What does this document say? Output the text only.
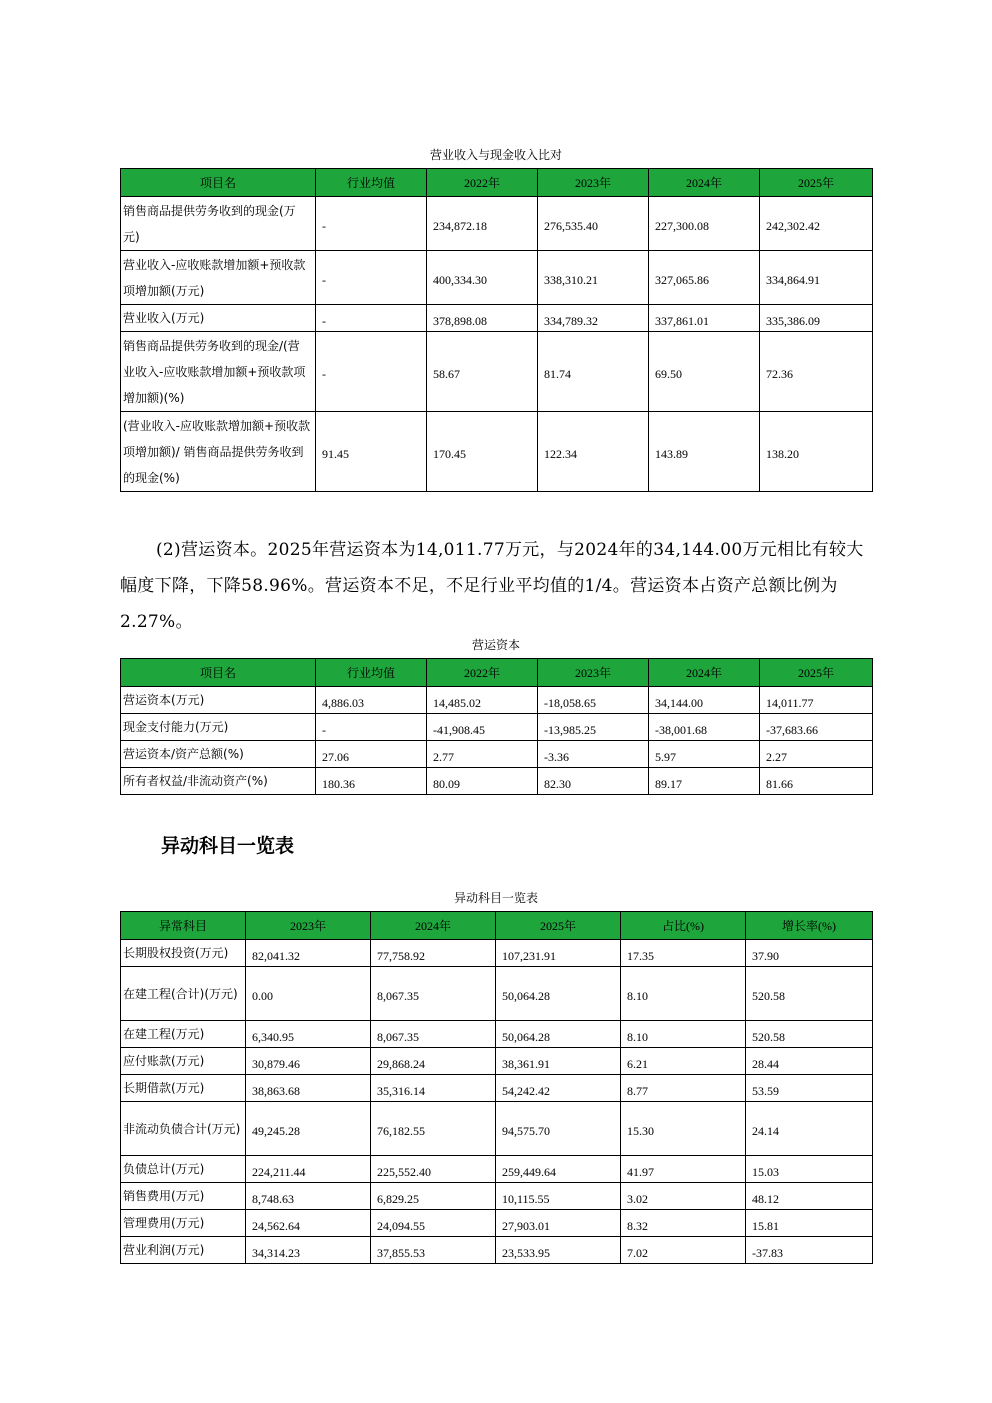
营业收入与现金收入比对
项目名	行业均值	2022年	2023年	2024年	2025年
销售商品提供劳务收到的现金(万元)	-	234,872.18	276,535.40	227,300.08	242,302.42
营业收入-应收账款增加额+预收款项增加额(万元)	-	400,334.30	338,310.21	327,065.86	334,864.91
营业收入(万元)	-	378,898.08	334,789.32	337,861.01	335,386.09
销售商品提供劳务收到的现金/(营业收入-应收账款增加额+预收款项增加额)(%)	-	58.67	81.74	69.50	72.36
(营业收入-应收账款增加额+预收款项增加额)/ 销售商品提供劳务收到的现金(%)	91.45	170.45	122.34	143.89	138.20
(2)营运资本。2025年营运资本为14,011.77万元，与2024年的34,144.00万元相比有较大幅度下降，下降58.96%。营运资本不足，不足行业平均值的1/4。营运资本占资产总额比例为2.27%。
营运资本
项目名	行业均值	2022年	2023年	2024年	2025年
营运资本(万元)	4,886.03	14,485.02	-18,058.65	34,144.00	14,011.77
现金支付能力(万元)	-	-41,908.45	-13,985.25	-38,001.68	-37,683.66
营运资本/资产总额(%)	27.06	2.77	-3.36	5.97	2.27
所有者权益/非流动资产(%)	180.36	80.09	82.30	89.17	81.66
异动科目一览表
异动科目一览表
异常科目	2023年	2024年	2025年	占比(%)	增长率(%)
长期股权投资(万元)	82,041.32	77,758.92	107,231.91	17.35	37.90
在建工程(合计)(万元)	0.00	8,067.35	50,064.28	8.10	520.58
在建工程(万元)	6,340.95	8,067.35	50,064.28	8.10	520.58
应付账款(万元)	30,879.46	29,868.24	38,361.91	6.21	28.44
长期借款(万元)	38,863.68	35,316.14	54,242.42	8.77	53.59
非流动负债合计(万元)	49,245.28	76,182.55	94,575.70	15.30	24.14
负债总计(万元)	224,211.44	225,552.40	259,449.64	41.97	15.03
销售费用(万元)	8,748.63	6,829.25	10,115.55	3.02	48.12
管理费用(万元)	24,562.64	24,094.55	27,903.01	8.32	15.81
营业利润(万元)	34,314.23	37,855.53	23,533.95	7.02	-37.83
